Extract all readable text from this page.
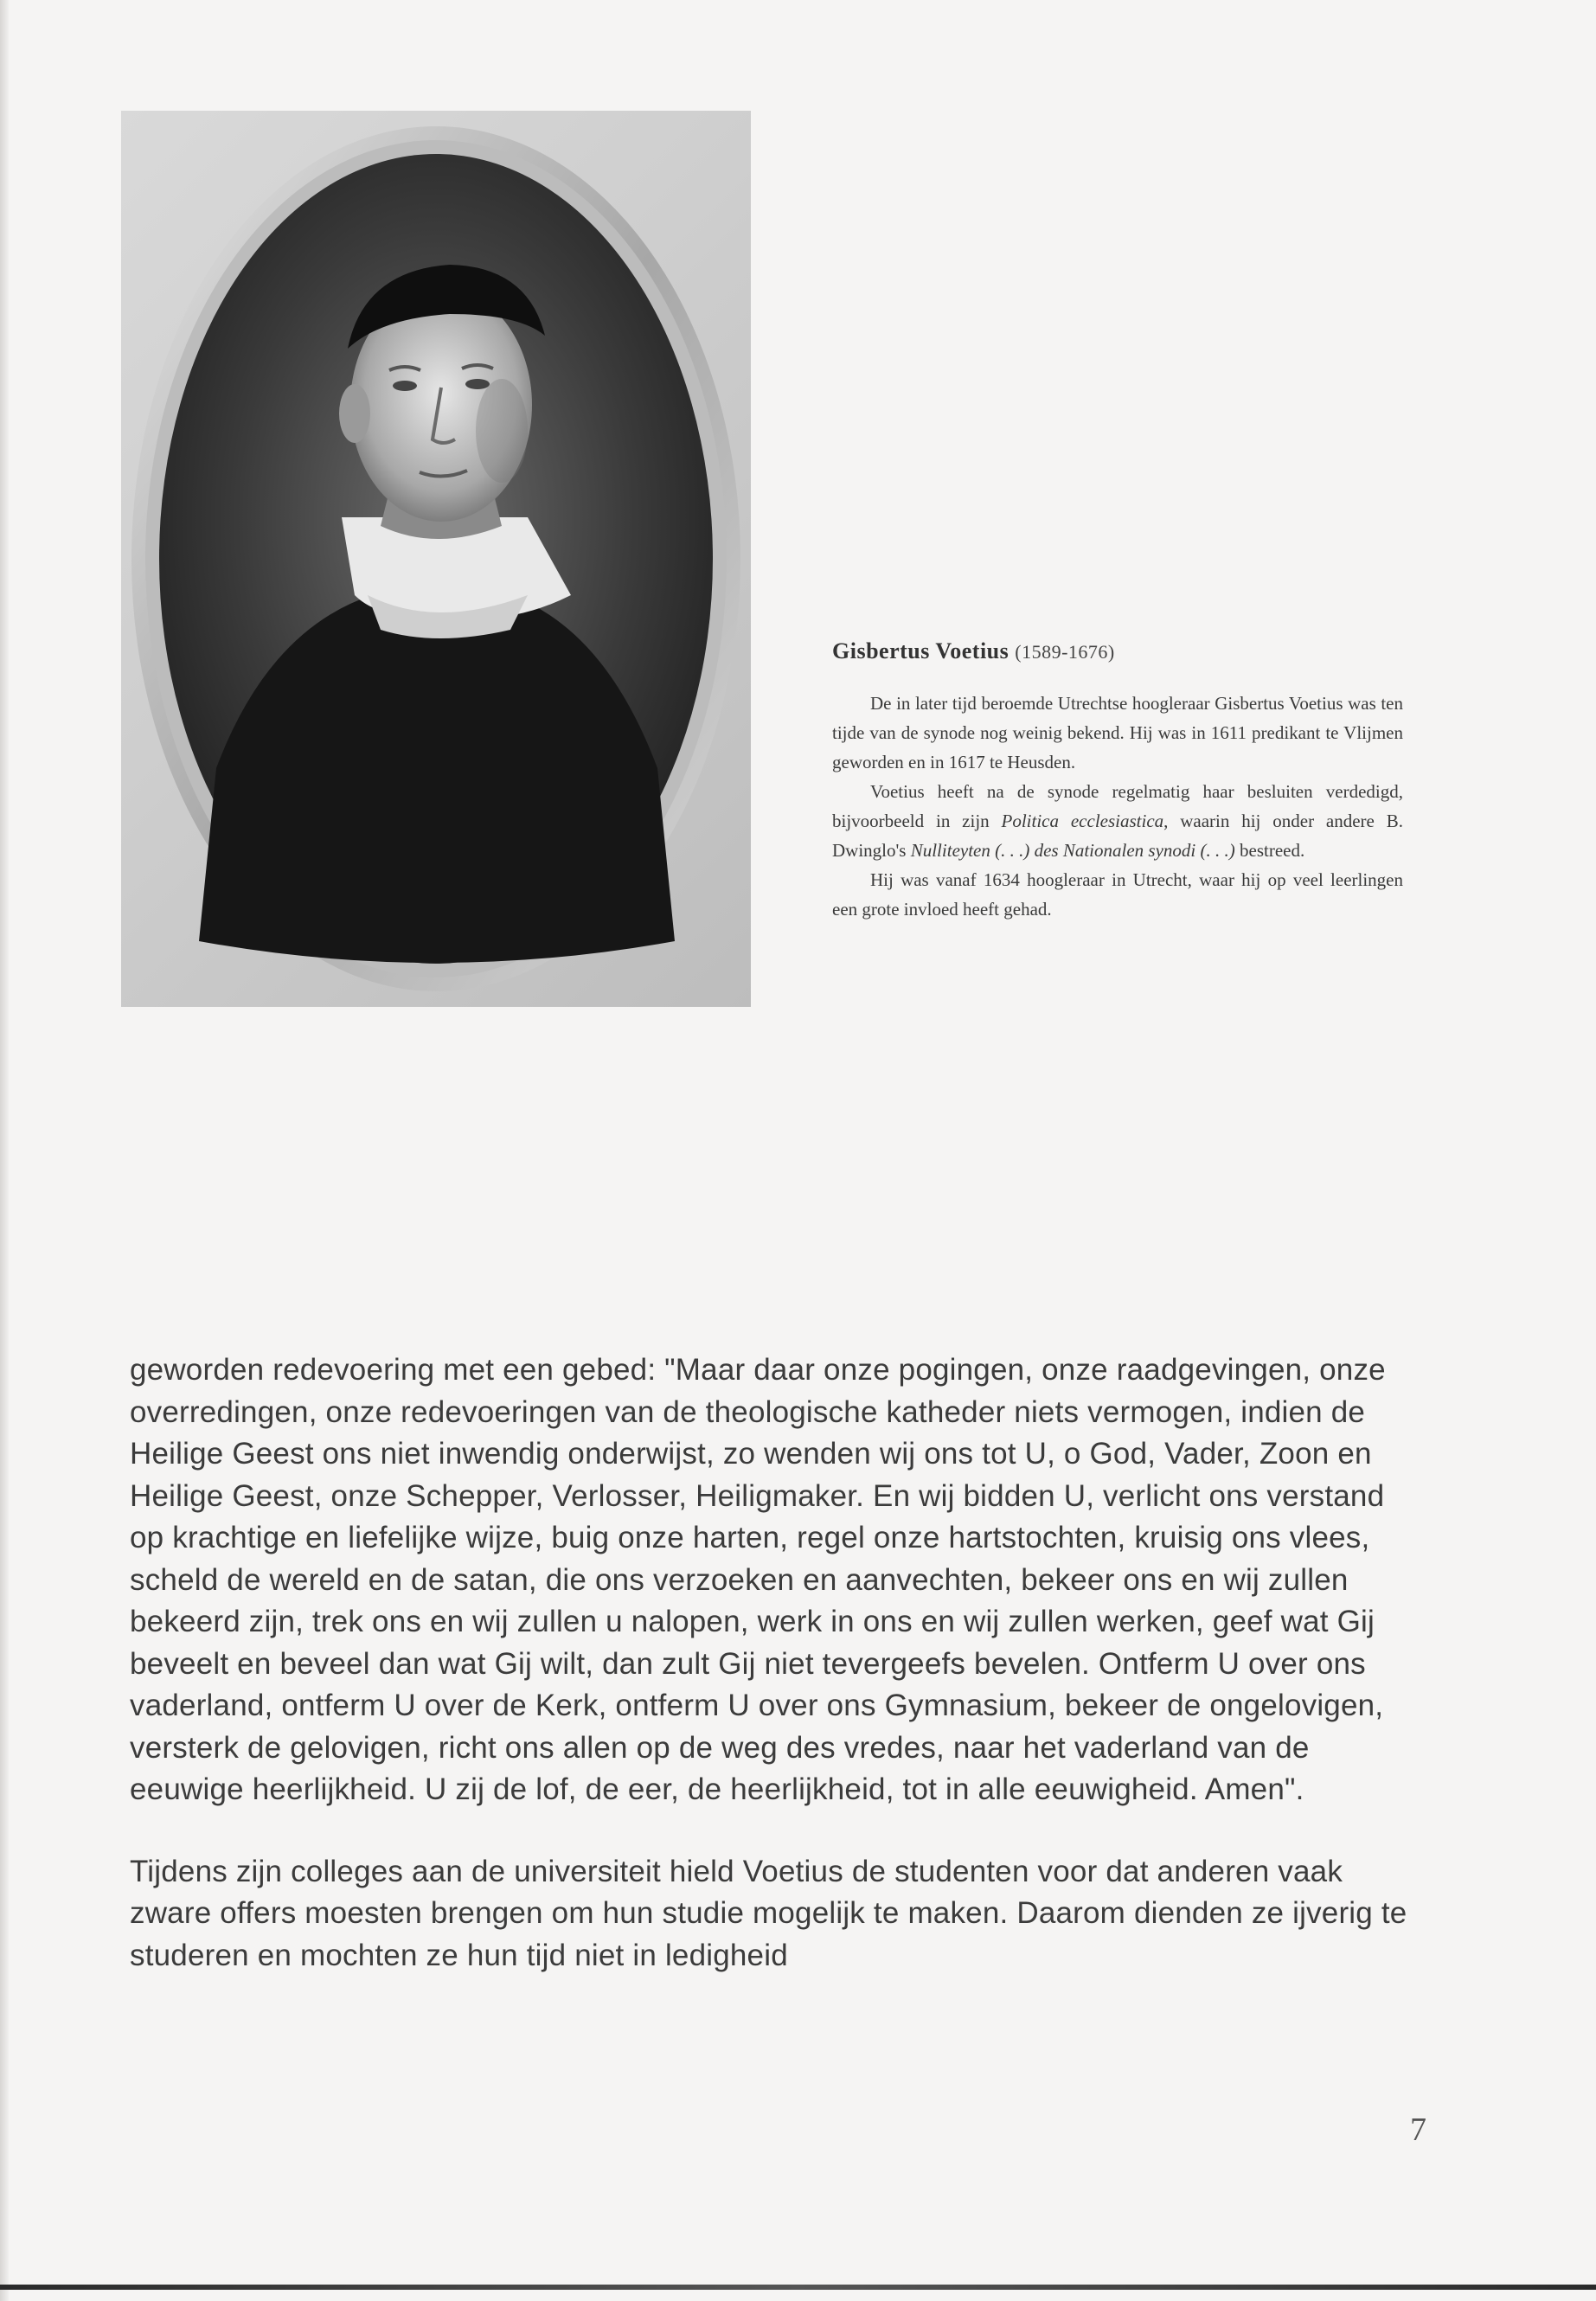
Gisbertus Voetius (1589-1676)

De in later tijd beroemde Utrechtse hoogleraar Gisbertus Voetius was ten tijde van de synode nog weinig bekend. Hij was in 1611 predikant te Vlijmen geworden en in 1617 te Heusden.

Voetius heeft na de synode regelmatig haar besluiten verdedigd, bijvoorbeeld in zijn Politica ecclesiastica, waarin hij onder andere B. Dwinglo's Nulliteyten (. . .) des Nationalen synodi (. . .) bestreed.

Hij was vanaf 1634 hoogleraar in Utrecht, waar hij op veel leerlingen een grote invloed heeft gehad.

geworden redevoering met een gebed: "Maar daar onze pogingen, onze raadgevingen, onze overredingen, onze redevoeringen van de theologische katheder niets vermogen, indien de Heilige Geest ons niet inwendig onderwijst, zo wenden wij ons tot U, o God, Vader, Zoon en Heilige Geest, onze Schepper, Verlosser, Heiligmaker. En wij bidden U, verlicht ons verstand op krachtige en liefelijke wijze, buig onze harten, regel onze hartstochten, kruisig ons vlees, scheld de wereld en de satan, die ons verzoeken en aanvechten, bekeer ons en wij zullen bekeerd zijn, trek ons en wij zullen u nalopen, werk in ons en wij zullen werken, geef wat Gij beveelt en beveel dan wat Gij wilt, dan zult Gij niet tevergeefs bevelen. Ontferm U over ons vaderland, ontferm U over de Kerk, ontferm U over ons Gymnasium, bekeer de ongelovigen, versterk de gelovigen, richt ons allen op de weg des vredes, naar het vaderland van de eeuwige heerlijkheid. U zij de lof, de eer, de heerlijkheid, tot in alle eeuwigheid. Amen".

Tijdens zijn colleges aan de universiteit hield Voetius de studenten voor dat anderen vaak zware offers moesten brengen om hun studie mogelijk te maken. Daarom dienden ze ijverig te studeren en mochten ze hun tijd niet in ledigheid

7
